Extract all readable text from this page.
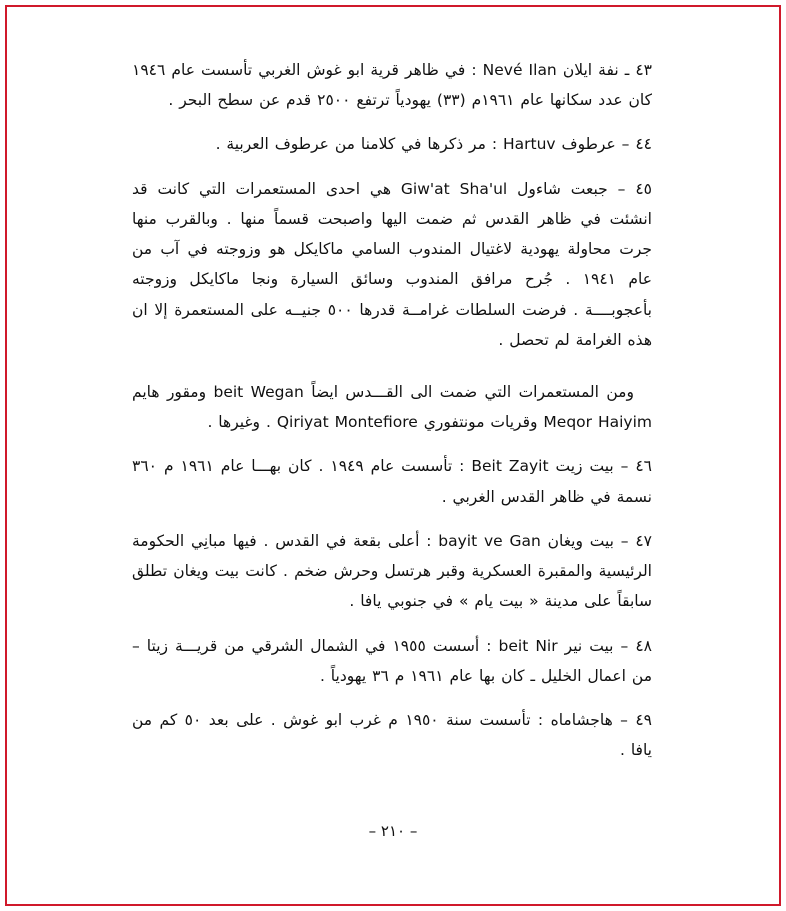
٤٣ ـ نفة ايلان Nevé Ilan : في ظاهر قرية ابو غوش الغربي تأسست عام ١٩٤٦ كان عدد سكانها عام ١٩٦١م (٣٣) يهودياً ترتفع ٢٥٠٠ قدم عن سطح البحر .

٤٤ – عرطوف Hartuv : مر ذكرها في كلامنا من عرطوف العربية .

٤٥ – جبعت شاءول Giw'at Sha'ul هي احدى المستعمرات التي كانت قد انشئت في ظاهر القدس ثم ضمت اليها واصبحت قسماً منها . وبالقرب منها جرت محاولة يهودية لاغتيال المندوب السامي ماكايكل هو وزوجته في آب من عام ١٩٤١ . جُرح مرافق المندوب وسائق السيارة ونجا ماكايكل وزوجته بأعجوبــــة . فرضت السلطات غرامــة قدرها ٥٠٠ جنيــه على المستعمرة إلا ان هذه الغرامة لم تحصل .

ومن المستعمرات التي ضمت الى القـــدس ايضاً beit Wegan ومقور هايم Meqor Haiyim وقريات مونتفوري Qiriyat Montefiore . وغيرها .

٤٦ – بيت زيت Beit Zayit : تأسست عام ١٩٤٩ . كان بهـــا عام ١٩٦١ م ٣٦٠ نسمة في ظاهر القدس الغربي .

٤٧ – بيت ويغان bayit ve Gan : أعلى بقعة في القدس . فيها مبانِي الحكومة الرئيسية والمقبرة العسكرية وقبر هرتسل وحرش ضخم . كانت بيت ويغان تطلق سابقاً على مدينة « بيت يام » في جنوبي يافا .

٤٨ – بيت نير beit Nir : أسست ١٩٥٥ في الشمال الشرقي من قريـــة زيتا – من اعمال الخليل ـ كان بها عام ١٩٦١ م ٣٦ يهودياً .

٤٩ – هاجشاماه : تأسست سنة ١٩٥٠ م غرب ابو غوش . على بعد ٥٠ كم من يافا .

– ٢١٠ –
